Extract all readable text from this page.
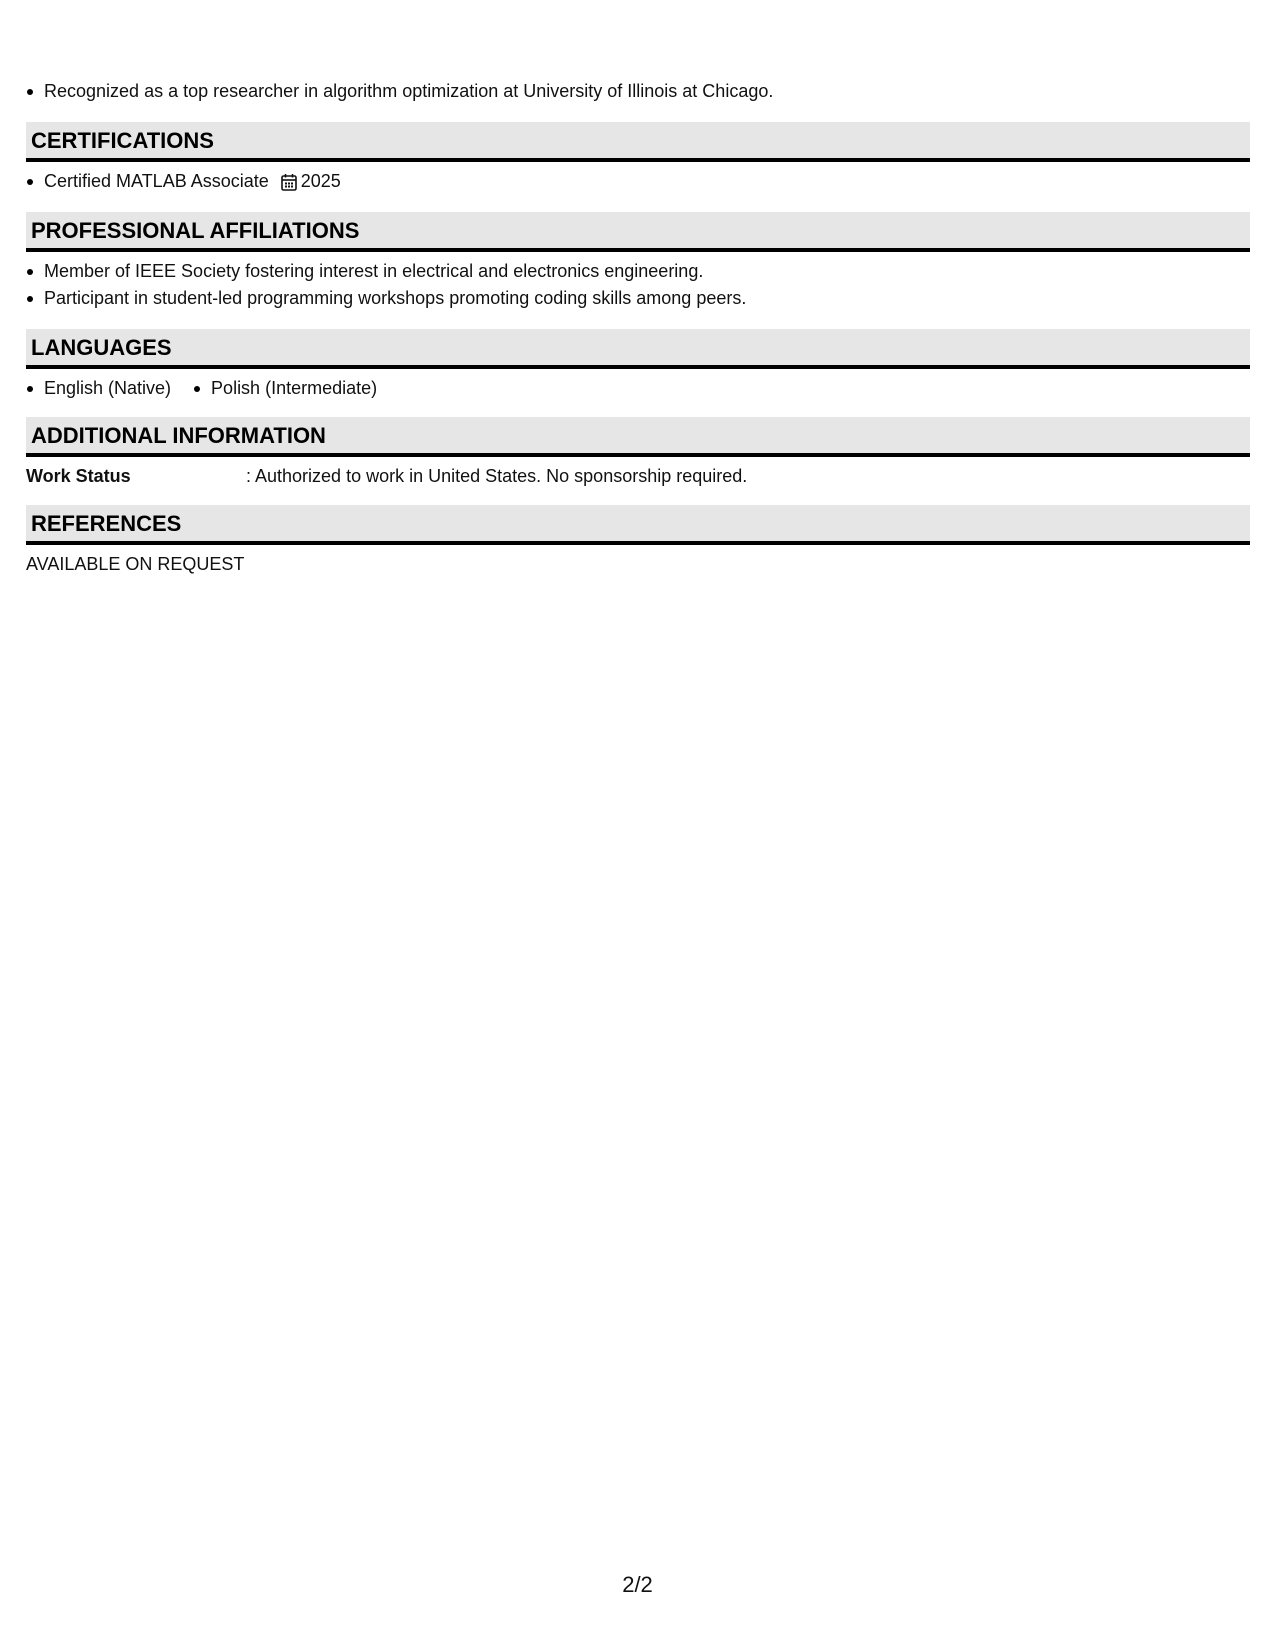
Recognized as a top researcher in algorithm optimization at University of Illinois at Chicago.
CERTIFICATIONS
Certified MATLAB Associate 2025
PROFESSIONAL AFFILIATIONS
Member of IEEE Society fostering interest in electrical and electronics engineering.
Participant in student-led programming workshops promoting coding skills among peers.
LANGUAGES
English (Native)	Polish (Intermediate)
ADDITIONAL INFORMATION
Work Status	: Authorized to work in United States. No sponsorship required.
REFERENCES
AVAILABLE ON REQUEST
2/2
